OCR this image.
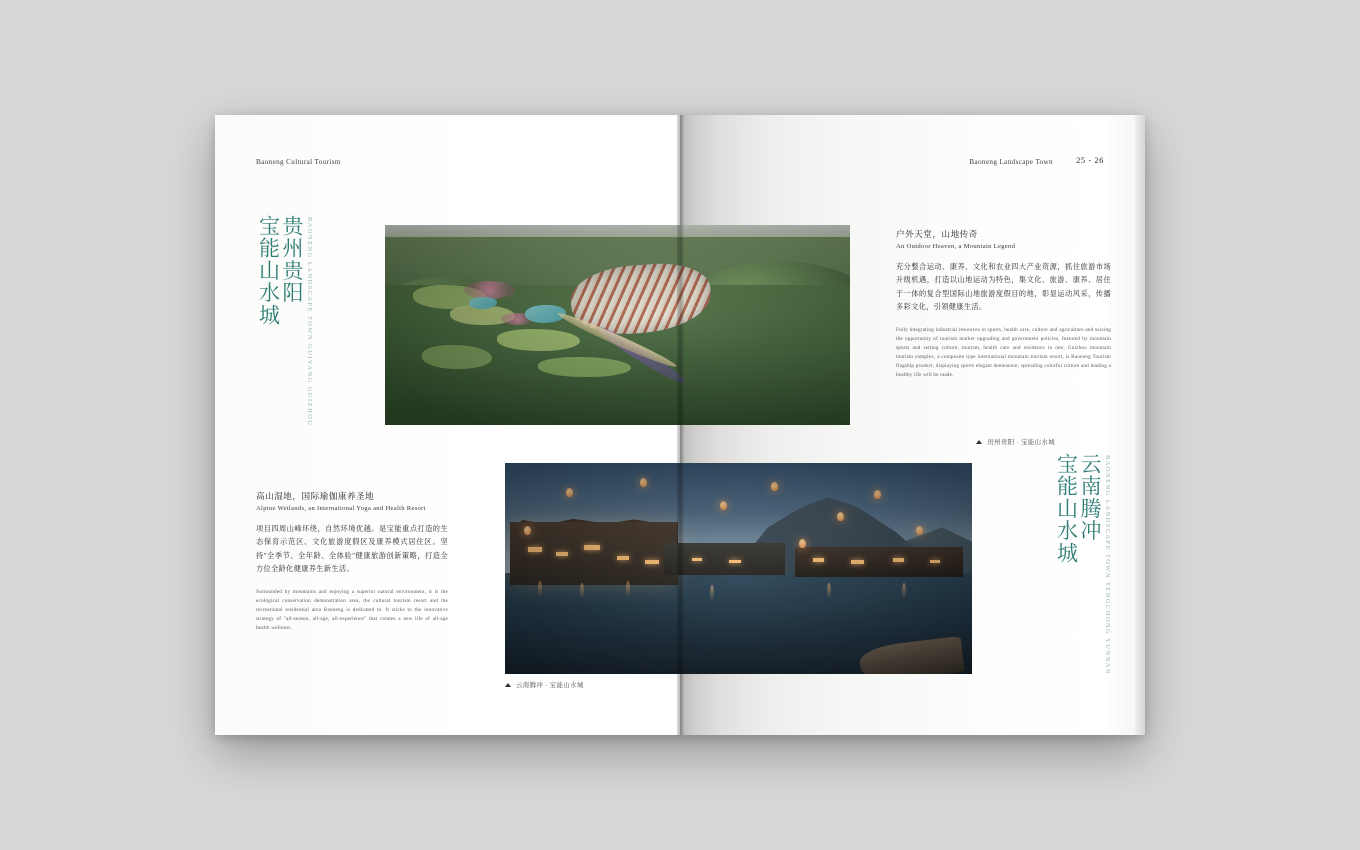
Baoneng Cultural Tourism
宝能山水城 贵州贵阳 BAONENG LANDSCAPE TOWN GUIYANG GUIZHOU
高山湿地，国际瑜伽康养圣地
Alpine Wetlands, an International Yoga and Health Resort

项目四周山峰环绕，自然环境优越。是宝能重点打造的生态保育示范区、文化旅游度假区及康养模式居住区。坚持"全季节、全年龄、全体验"健康旅游创新策略，打造全方位全龄化健康养生新生活。

Surrounded by mountains and enjoying a superior natural environment, it is the ecological conservation demonstration area, the cultural tourism resort and the recreational residential area Baoneng is dedicated to. It sticks to the innovative strategy of "all-season, all-age, all-experience" that creates a new life of all-age health wellness.

Baoneng Landscape Town	25 - 26
宝能山水城 云南腾冲 BAONENG LANDSCAPE TOWN TENGCHONG YUNNAN
户外天堂，山地传奇
An Outdoor Heaven, a Mountain Legend

充分整合运动、康养、文化和农业四大产业资源，抓住旅游市场升级机遇，打造以山地运动为特色，集文化、旅游、康养、居住于一体的复合型国际山地旅游度假目的地，彰显运动风采，传播多彩文化，引领健康生活。

Fully integrating industrial resources in sports, health care, culture and agriculture and seizing the opportunity of tourism market upgrading and government policies, featured by mountain sports and setting culture, tourism, health care and residence in one, Guizhou mountain tourism complex, a composite type international mountain tourism resort, is Baoneng Tourism flagship product, displaying sports elegant demeanour, spreading colorful culture and leading a healthy life will be made.

贵州贵阳 · 宝能山水城
云南腾冲 · 宝能山水城
